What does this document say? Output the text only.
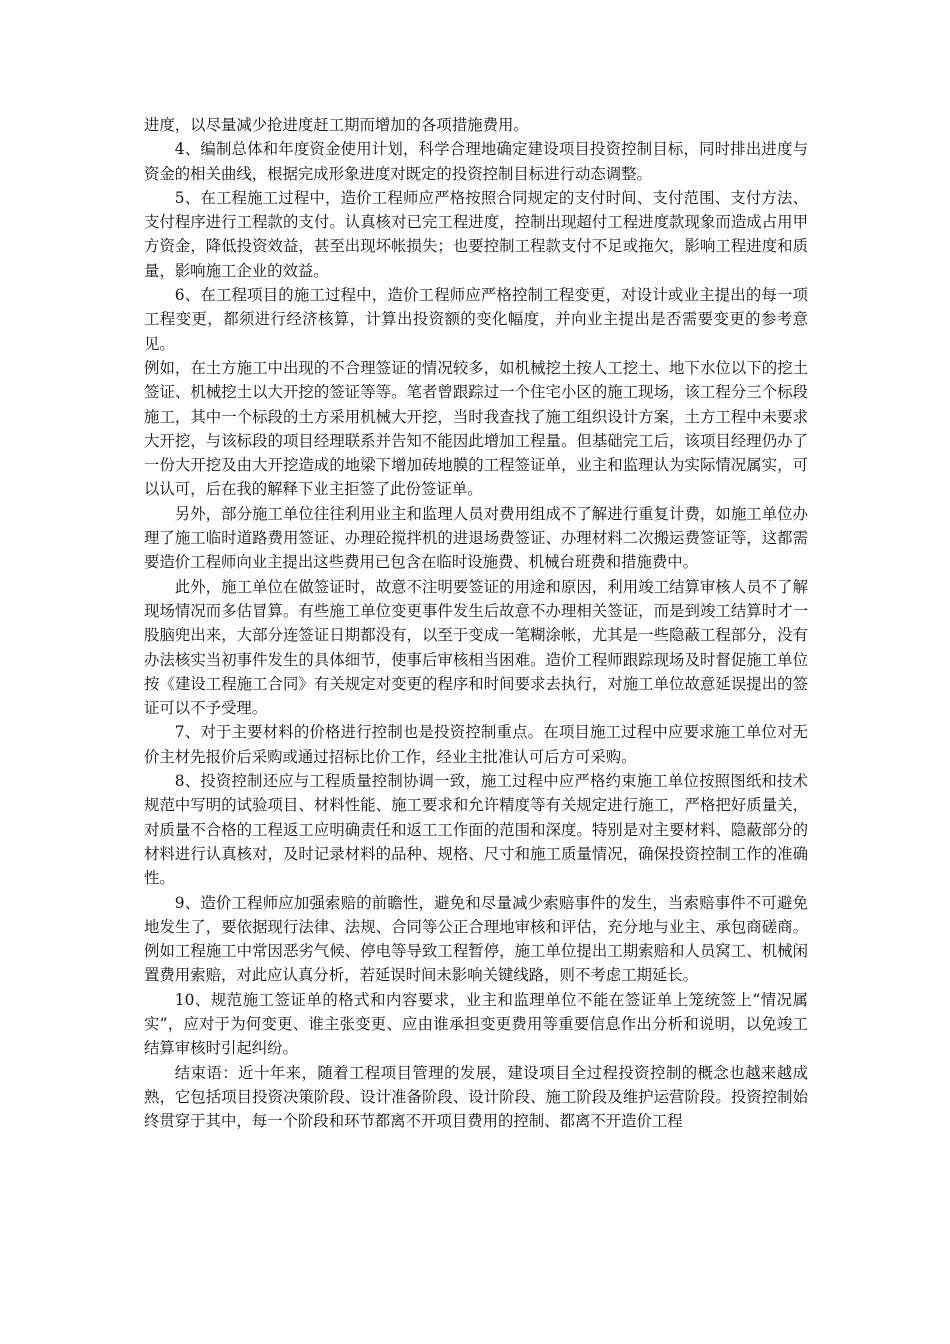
进度，以尽量减少抢进度赶工期而增加的各项措施费用。

4、编制总体和年度资金使用计划，科学合理地确定建设项目投资控制目标，同时排出进度与资金的相关曲线，根据完成形象进度对既定的投资控制目标进行动态调整。

5、在工程施工过程中，造价工程师应严格按照合同规定的支付时间、支付范围、支付方法、支付程序进行工程款的支付。认真核对已完工程进度，控制出现超付工程进度款现象而造成占用甲方资金，降低投资效益，甚至出现坏帐损失；也要控制工程款支付不足或拖欠，影响工程进度和质量，影响施工企业的效益。

6、在工程项目的施工过程中，造价工程师应严格控制工程变更，对设计或业主提出的每一项工程变更，都须进行经济核算，计算出投资额的变化幅度，并向业主提出是否需要变更的参考意见。

例如，在土方施工中出现的不合理签证的情况较多，如机械挖土按人工挖土、地下水位以下的挖土签证、机械挖土以大开挖的签证等等。笔者曾跟踪过一个住宅小区的施工现场，该工程分三个标段施工，其中一个标段的土方采用机械大开挖，当时我查找了施工组织设计方案，土方工程中未要求大开挖，与该标段的项目经理联系并告知不能因此增加工程量。但基础完工后，该项目经理仍办了一份大开挖及由大开挖造成的地梁下增加砖地膜的工程签证单，业主和监理认为实际情况属实，可以认可，后在我的解释下业主拒签了此份签证单。

另外，部分施工单位往往利用业主和监理人员对费用组成不了解进行重复计费，如施工单位办理了施工临时道路费用签证、办理砼搅拌机的进退场费签证、办理材料二次搬运费签证等，这都需要造价工程师向业主提出这些费用已包含在临时设施费、机械台班费和措施费中。

此外，施工单位在做签证时，故意不注明要签证的用途和原因，利用竣工结算审核人员不了解现场情况而多估冒算。有些施工单位变更事件发生后故意不办理相关签证，而是到竣工结算时才一股脑兜出来，大部分连签证日期都没有，以至于变成一笔糊涂帐，尤其是一些隐蔽工程部分，没有办法核实当初事件发生的具体细节，使事后审核相当困难。造价工程师跟踪现场及时督促施工单位按《建设工程施工合同》有关规定对变更的程序和时间要求去执行，对施工单位故意延误提出的签证可以不予受理。

7、对于主要材料的价格进行控制也是投资控制重点。在项目施工过程中应要求施工单位对无价主材先报价后采购或通过招标比价工作，经业主批准认可后方可采购。

8、投资控制还应与工程质量控制协调一致，施工过程中应严格约束施工单位按照图纸和技术规范中写明的试验项目、材料性能、施工要求和允许精度等有关规定进行施工，严格把好质量关，对质量不合格的工程返工应明确责任和返工工作面的范围和深度。特别是对主要材料、隐蔽部分的材料进行认真核对，及时记录材料的品种、规格、尺寸和施工质量情况，确保投资控制工作的准确性。

9、造价工程师应加强索赔的前瞻性，避免和尽量减少索赔事件的发生，当索赔事件不可避免地发生了，要依据现行法律、法规、合同等公正合理地审核和评估，充分地与业主、承包商磋商。例如工程施工中常因恶劣气候、停电等导致工程暂停，施工单位提出工期索赔和人员窝工、机械闲置费用索赔，对此应认真分析，若延误时间未影响关键线路，则不考虑工期延长。

10、规范施工签证单的格式和内容要求，业主和监理单位不能在签证单上笼统签上“情况属实”，应对于为何变更、谁主张变更、应由谁承担变更费用等重要信息作出分析和说明，以免竣工结算审核时引起纠纷。

结束语：近十年来，随着工程项目管理的发展，建设项目全过程投资控制的概念也越来越成熟，它包括项目投资决策阶段、设计准备阶段、设计阶段、施工阶段及维护运营阶段。投资控制始终贯穿于其中，每一个阶段和环节都离不开项目费用的控制、都离不开造价工程
